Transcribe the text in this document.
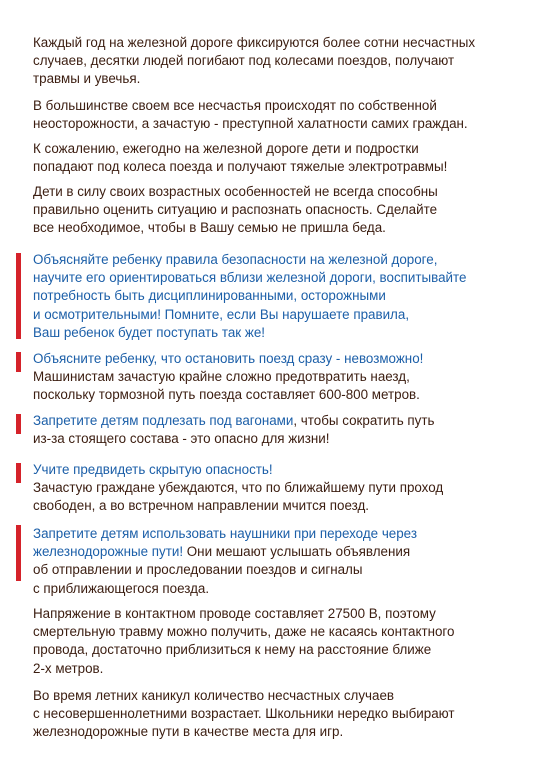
Каждый год на железной дороге фиксируются более сотни несчастных
случаев, десятки людей погибают под колесами поездов, получают
травмы и увечья.
В большинстве своем все несчастья происходят по собственной
неосторожности, а зачастую - преступной халатности самих граждан.
К сожалению, ежегодно на железной дороге дети и подростки
попадают под колеса поезда и получают тяжелые электротравмы!
Дети в силу своих возрастных особенностей не всегда способны
правильно оценить ситуацию и распознать опасность. Сделайте
все необходимое, чтобы в Вашу семью не пришла беда.
Объясняйте ребенку правила безопасности на железной дороге,
научите его ориентироваться вблизи железной дороги, воспитывайте
потребность быть дисциплинированными, осторожными
и осмотрительными! Помните, если Вы нарушаете правила,
Ваш ребенок будет поступать так же!
Объясните ребенку, что остановить поезд сразу - невозможно!
Машинистам зачастую крайне сложно предотвратить наезд,
поскольку тормозной путь поезда составляет 600-800 метров.
Запретите детям подлезать под вагонами, чтобы сократить путь
из-за стоящего состава - это опасно для жизни!
Учите предвидеть скрытую опасность!
Зачастую граждане убеждаются, что по ближайшему пути проход
свободен, а во встречном направлении мчится поезд.
Запретите детям использовать наушники при переходе через
железнодорожные пути! Они мешают услышать объявления
об отправлении и проследовании поездов и сигналы
с приближающегося поезда.
Напряжение в контактном проводе составляет 27500 В, поэтому
смертельную травму можно получить, даже не касаясь контактного
провода, достаточно приблизиться к нему на расстояние ближе
2-х метров.
Во время летних каникул количество несчастных случаев
с несовершеннолетними возрастает. Школьники нередко выбирают
железнодорожные пути в качестве места для игр.
